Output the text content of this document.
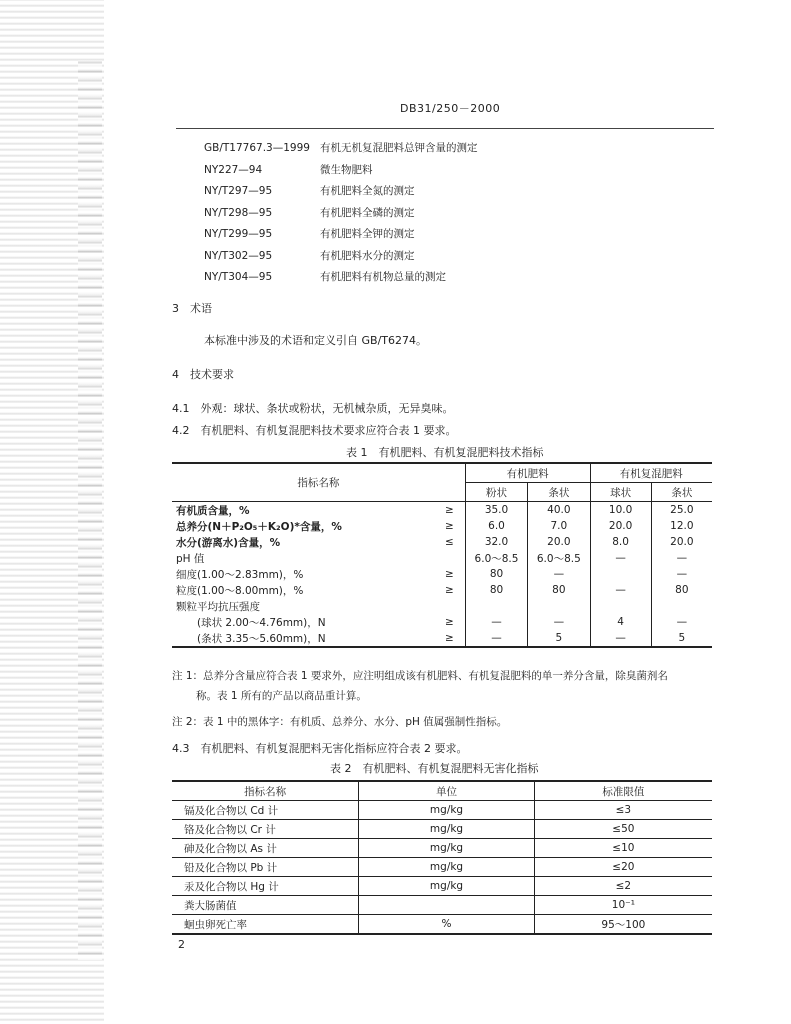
DB31/250－2000
GB/T17767.3—1999 有机无机复混肥料总钾含量的测定
NY227—94	微生物肥料
NY/T297—95	有机肥料全氮的测定
NY/T298—95	有机肥料全磷的测定
NY/T299—95	有机肥料全钾的测定
NY/T302—95	有机肥料水分的测定
NY/T304—95	有机肥料有机物总量的测定
3　术语
本标准中涉及的术语和定义引自 GB/T6274。
4　技术要求
4.1　外观：球状、条状或粉状，无机械杂质，无异臭味。
4.2　有机肥料、有机复混肥料技术要求应符合表 1 要求。
表 1　有机肥料、有机复混肥料技术指标
指标名称		有机肥料		有机复混肥料	
		粉状	条状	球状	条状
有机质含量，%	≥	35.0	40.0	10.0	25.0
总养分(N＋P₂O₅＋K₂O)*含量，%	≥	6.0	7.0	20.0	12.0
水分(游离水)含量，%	≤	32.0	20.0	8.0	20.0
pH 值		6.0～8.5	6.0～8.5	—	—
细度(1.00～2.83mm)，%	≥	80	—		—
粒度(1.00～8.00mm)，%	≥	80	80	—	80
颗粒平均抗压强度					
　　(球状 2.00～4.76mm)，N	≥	—	—	4	—
　　(条状 3.35～5.60mm)，N	≥	—	5	—	5
注 1：总养分含量应符合表 1 要求外，应注明组成该有机肥料、有机复混肥料的单一养分含量，除臭菌剂名
称。表 1 所有的产品以商品重计算。
注 2：表 1 中的黑体字：有机质、总养分、水分、pH 值属强制性指标。
4.3　有机肥料、有机复混肥料无害化指标应符合表 2 要求。
表 2　有机肥料、有机复混肥料无害化指标
指标名称	单位	标准限值
镉及化合物以 Cd 计	mg/kg	≤3
铬及化合物以 Cr 计	mg/kg	≤50
砷及化合物以 As 计	mg/kg	≤10
铅及化合物以 Pb 计	mg/kg	≤20
汞及化合物以 Hg 计	mg/kg	≤2
粪大肠菌值		10⁻¹
蛔虫卵死亡率	%	95～100
2
